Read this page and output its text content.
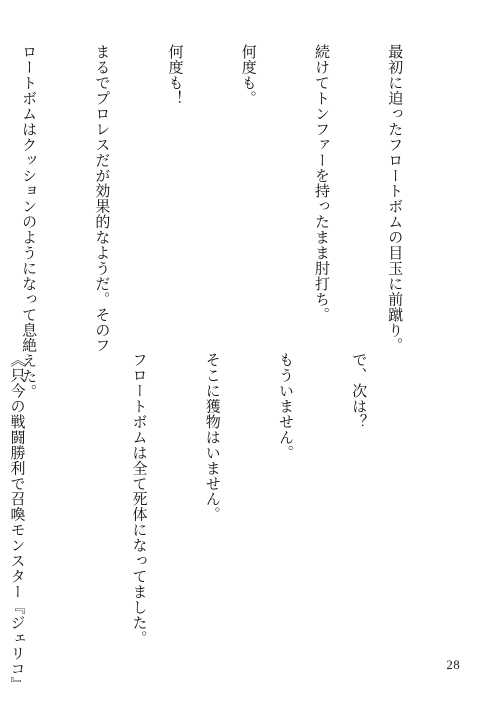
最初に迫ったフロートボムの目玉に前蹴り。

続けてトンファーを持ったまま肘打ち。

何度も。

何度も！

まるでプロレスだが効果的なようだ。そのフ

ロートボムはクッションのようになって息絶えた。

	で、次は？

もういません。

そこに獲物はいません。

フロートボムは全て死体になってました。

《只今の戦闘勝利で召喚モンスター『ジェリコ』

	28
